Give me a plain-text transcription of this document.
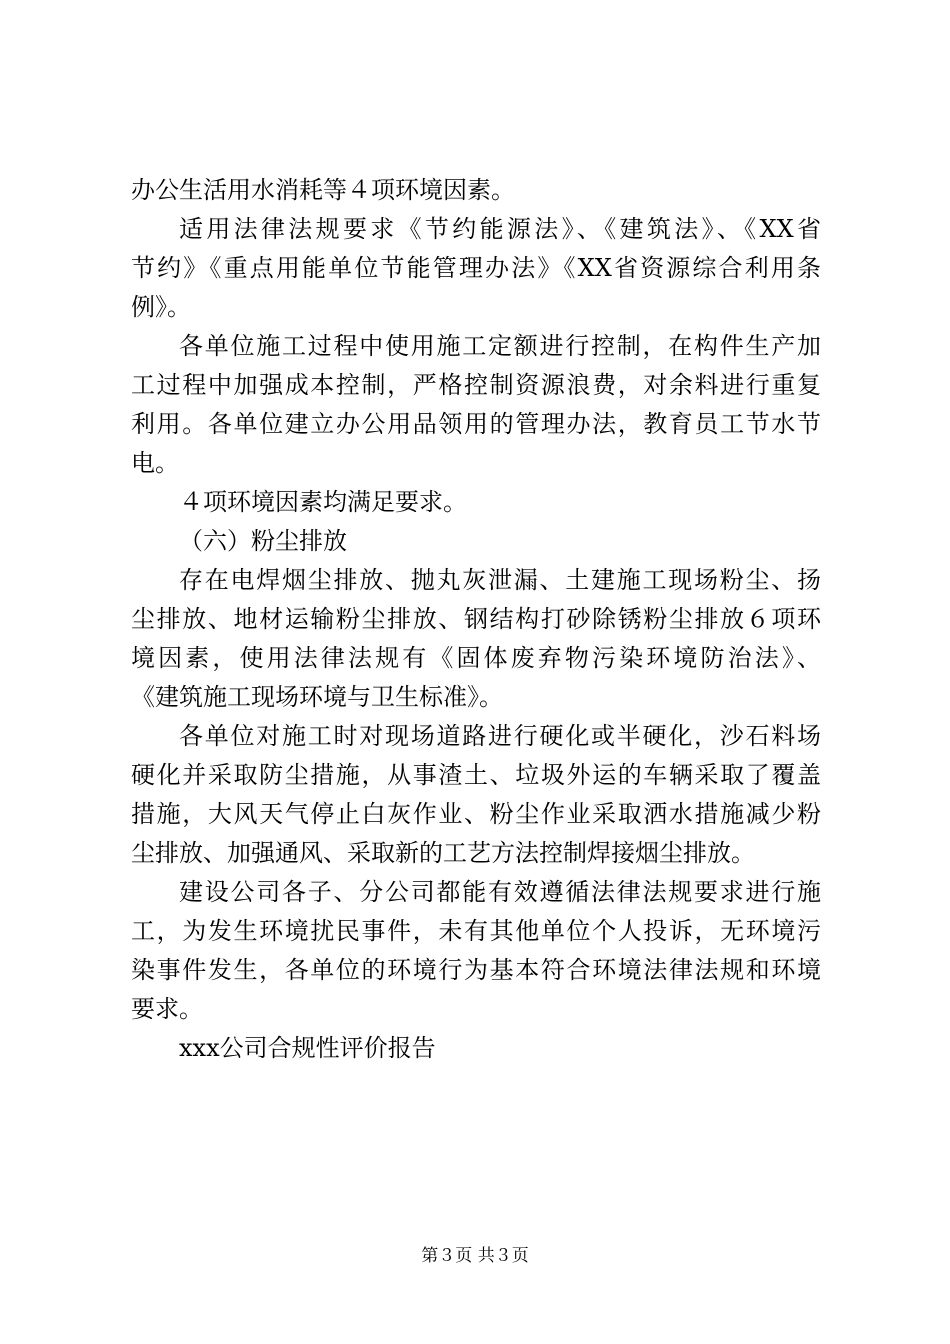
办公生活用水消耗等４项环境因素。
适用法律法规要求《节约能源法》、《建筑法》、《XX省
节约》《重点用能单位节能管理办法》《XX省资源综合利用条
例》。
各单位施工过程中使用施工定额进行控制，在构件生产加
工过程中加强成本控制，严格控制资源浪费，对余料进行重复
利用。各单位建立办公用品领用的管理办法，教育员工节水节
电。
４项环境因素均满足要求。
（六）粉尘排放
存在电焊烟尘排放、抛丸灰泄漏、土建施工现场粉尘、扬
尘排放、地材运输粉尘排放、钢结构打砂除锈粉尘排放６项环
境因素，使用法律法规有《固体废弃物污染环境防治法》、
《建筑施工现场环境与卫生标准》。
各单位对施工时对现场道路进行硬化或半硬化，沙石料场
硬化并采取防尘措施，从事渣土、垃圾外运的车辆采取了覆盖
措施，大风天气停止白灰作业、粉尘作业采取洒水措施减少粉
尘排放、加强通风、采取新的工艺方法控制焊接烟尘排放。
建设公司各子、分公司都能有效遵循法律法规要求进行施
工，为发生环境扰民事件，未有其他单位个人投诉，无环境污
染事件发生，各单位的环境行为基本符合环境法律法规和环境
要求。
xxx公司合规性评价报告
第３页 共３页
